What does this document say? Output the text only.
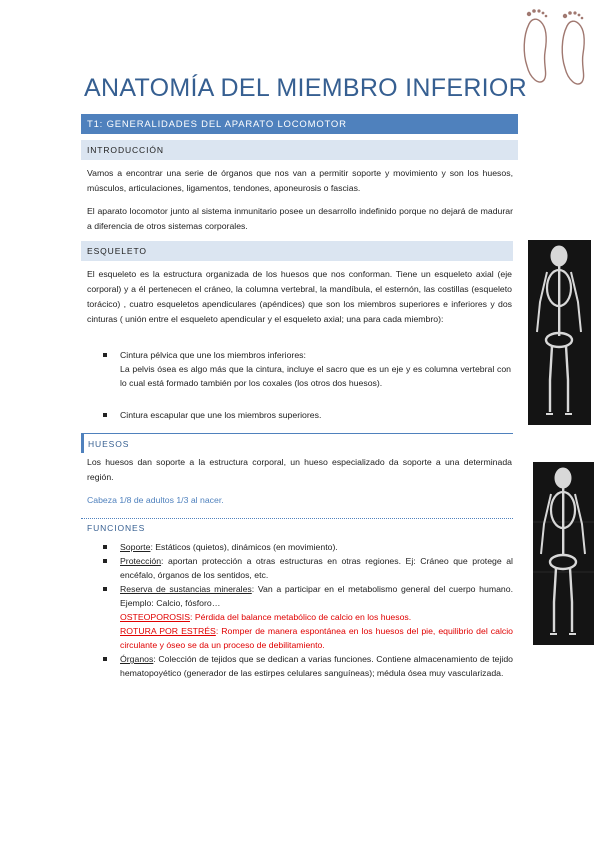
ANATOMÍA DEL MIEMBRO INFERIOR
T1: GENERALIDADES DEL APARATO LOCOMOTOR
INTRODUCCIÓN

Vamos a encontrar una serie de órganos que nos van a permitir soporte y movimiento y son los huesos, músculos, articulaciones, ligamentos, tendones, aponeurosis o fascias.

El aparato locomotor junto al sistema inmunitario posee un desarrollo indefinido porque no dejará de madurar a diferencia de otros sistemas corporales.

ESQUELETO

El esqueleto es la estructura organizada de los huesos que nos conforman. Tiene un esqueleto axial (eje corporal) y a él pertenecen el cráneo, la columna vertebral, la mandíbula, el esternón, las costillas (esqueleto torácico) , cuatro esqueletos apendiculares (apéndices) que son los miembros superiores e inferiores y dos cinturas ( unión entre el esqueleto apendicular y el esqueleto axial; una para cada miembro):

Cintura pélvica que une los miembros inferiores:
La pelvis ósea es algo más que la cintura, incluye el sacro que es un eje y es columna vertebral con lo cual está formado también por los coxales (los otros dos huesos).
Cintura escapular que une los miembros superiores.
HUESOS

Los huesos dan soporte a la estructura corporal, un hueso especializado da soporte a una determinada región.

Cabeza 1/8 de adultos 1/3 al nacer.
FUNCIONES
Soporte: Estáticos (quietos), dinámicos (en movimiento).
Protección: aportan protección a otras estructuras en otras regiones. Ej: Cráneo que protege al encéfalo, órganos de los sentidos, etc.
Reserva de sustancias minerales: Van a participar en el metabolismo general del cuerpo humano. Ejemplo: Calcio, fósforo…
OSTEOPOROSIS: Pérdida del balance metabólico de calcio en los huesos.
ROTURA POR ESTRÉS: Romper de manera espontánea en los huesos del pie, equilibrio del calcio circulante y óseo se da un proceso de debilitamiento.
Órganos: Colección de tejidos que se dedican a varias funciones. Contiene almacenamiento de tejido hematopoyético (generador de las estirpes celulares sanguíneas); médula ósea muy vascularizada.
